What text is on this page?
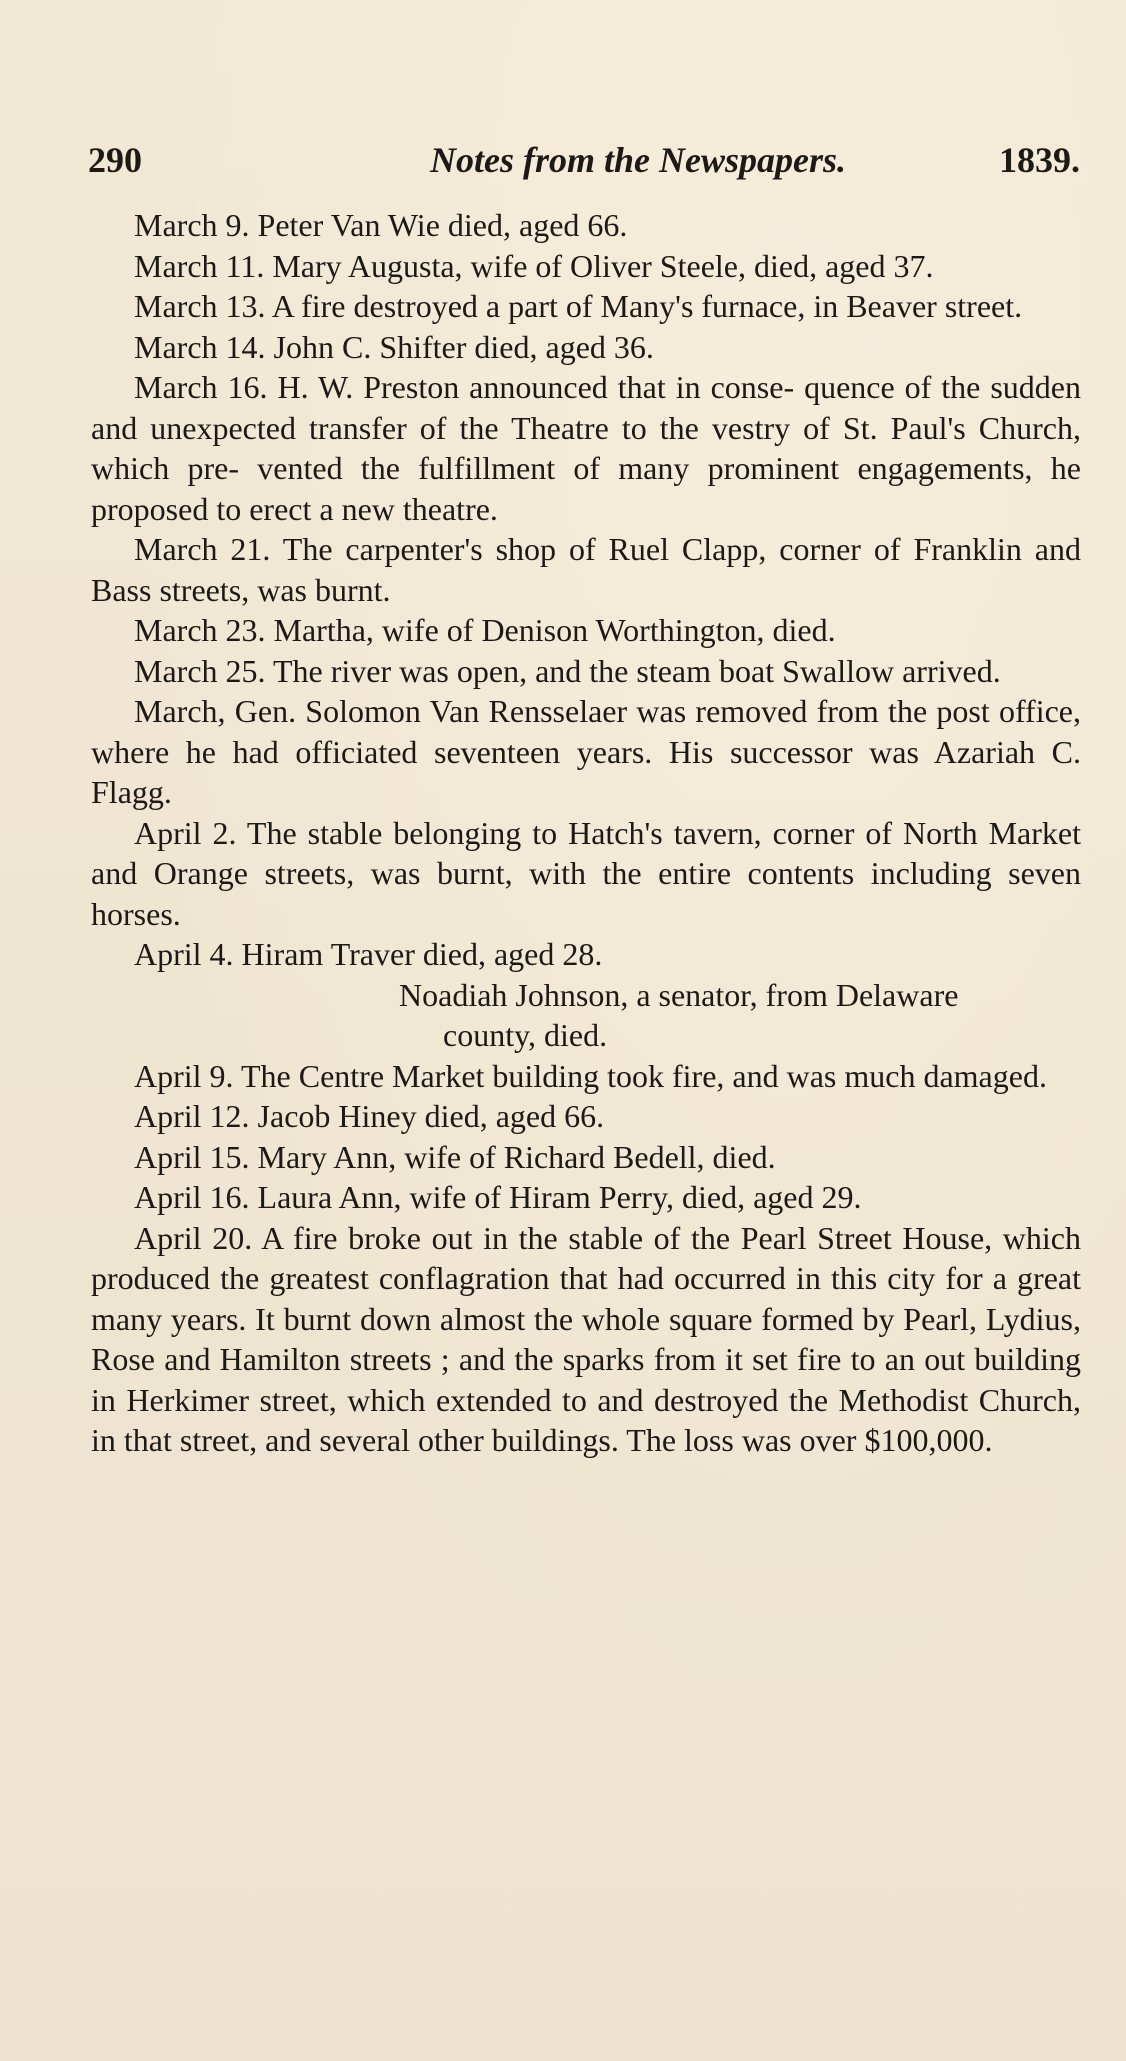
290	Notes from the Newspapers.	1839.

March 9. Peter Van Wie died, aged 66.

March 11. Mary Augusta, wife of Oliver Steele, died, aged 37.

March 13. A fire destroyed a part of Many's furnace, in Beaver street.

March 14. John C. Shifter died, aged 36.

March 16. H. W. Preston announced that in conse- quence of the sudden and unexpected transfer of the Theatre to the vestry of St. Paul's Church, which pre- vented the fulfillment of many prominent engagements, he proposed to erect a new theatre.

March 21. The carpenter's shop of Ruel Clapp, corner of Franklin and Bass streets, was burnt.

March 23. Martha, wife of Denison Worthington, died.

March 25. The river was open, and the steam boat Swallow arrived.

March, Gen. Solomon Van Rensselaer was removed from the post office, where he had officiated seventeen years. His successor was Azariah C. Flagg.

April 2. The stable belonging to Hatch's tavern, corner of North Market and Orange streets, was burnt, with the entire contents including seven horses.

April 4. Hiram Traver died, aged 28.

Noadiah Johnson, a senator, from Delaware
county, died.

April 9. The Centre Market building took fire, and was much damaged.

April 12. Jacob Hiney died, aged 66.

April 15. Mary Ann, wife of Richard Bedell, died.

April 16. Laura Ann, wife of Hiram Perry, died, aged 29.

April 20. A fire broke out in the stable of the Pearl Street House, which produced the greatest conflagration that had occurred in this city for a great many years. It burnt down almost the whole square formed by Pearl, Lydius, Rose and Hamilton streets ; and the sparks from it set fire to an out building in Herkimer street, which extended to and destroyed the Methodist Church, in that street, and several other buildings. The loss was over $100,000.
